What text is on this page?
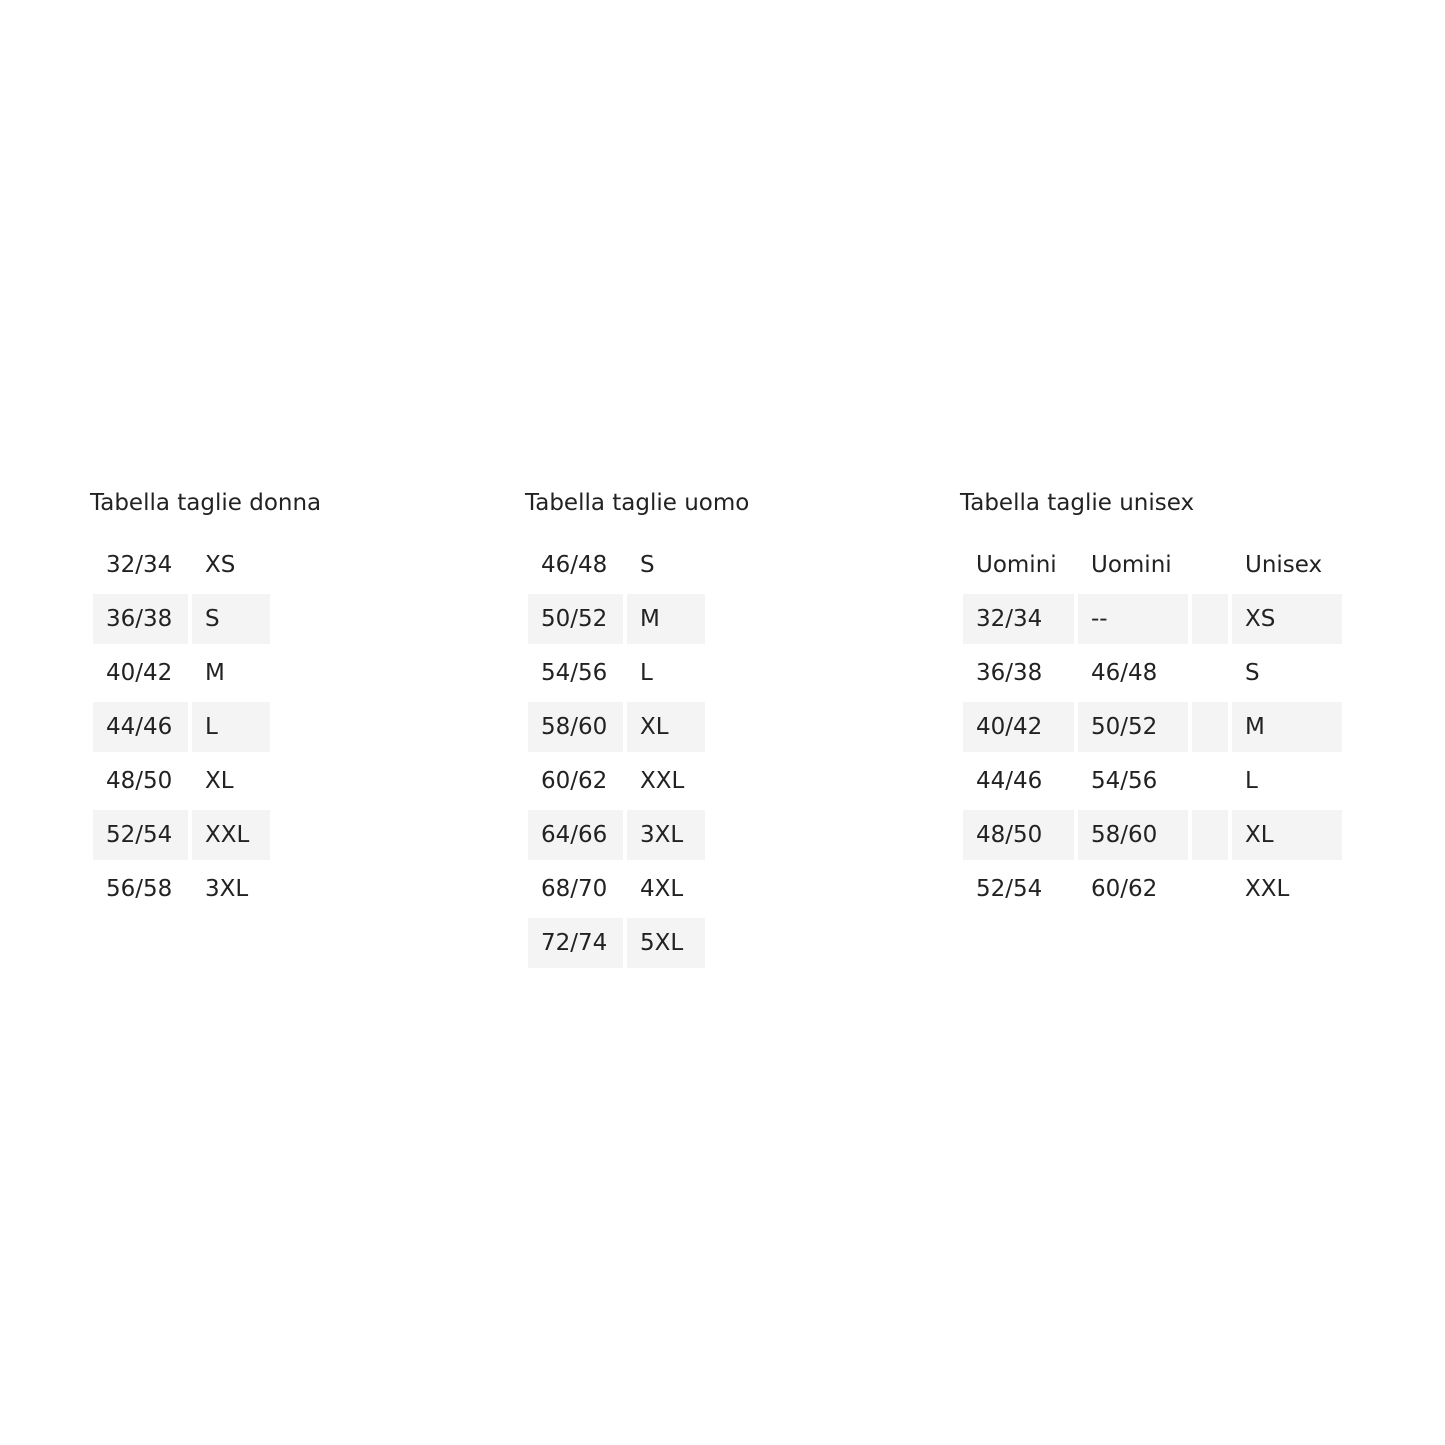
Tabella taglie donna
32/34	XS
36/38	S
40/42	M
44/46	L
48/50	XL
52/54	XXL
56/58	3XL
Tabella taglie uomo
46/48	S
50/52	M
54/56	L
58/60	XL
60/62	XXL
64/66	3XL
68/70	4XL
72/74	5XL
Tabella taglie unisex
Uomini	Uomini		Unisex
32/34	--		XS
36/38	46/48		S
40/42	50/52		M
44/46	54/56		L
48/50	58/60		XL
52/54	60/62		XXL
